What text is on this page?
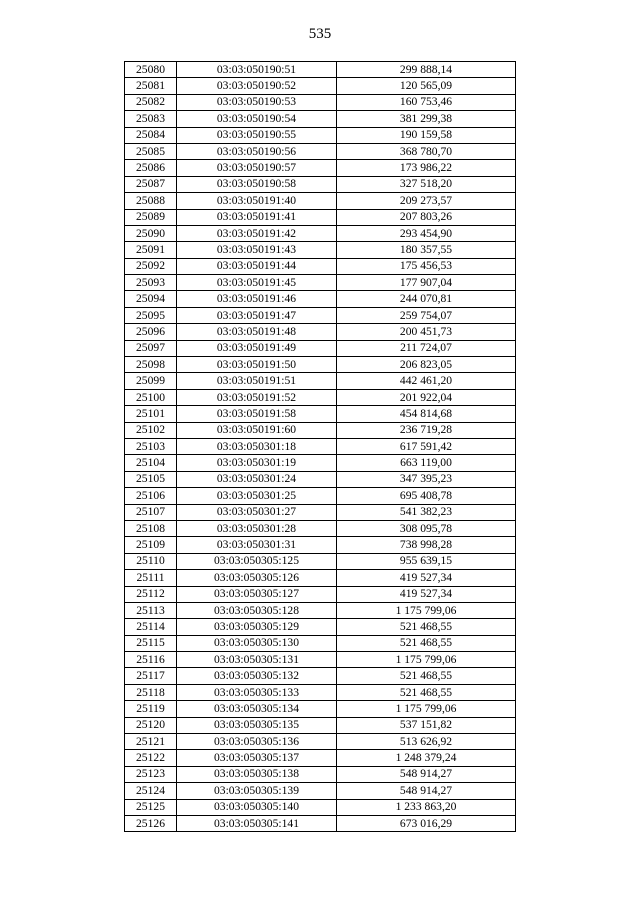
535
25080	03:03:050190:51	299 888,14
25081	03:03:050190:52	120 565,09
25082	03:03:050190:53	160 753,46
25083	03:03:050190:54	381 299,38
25084	03:03:050190:55	190 159,58
25085	03:03:050190:56	368 780,70
25086	03:03:050190:57	173 986,22
25087	03:03:050190:58	327 518,20
25088	03:03:050191:40	209 273,57
25089	03:03:050191:41	207 803,26
25090	03:03:050191:42	293 454,90
25091	03:03:050191:43	180 357,55
25092	03:03:050191:44	175 456,53
25093	03:03:050191:45	177 907,04
25094	03:03:050191:46	244 070,81
25095	03:03:050191:47	259 754,07
25096	03:03:050191:48	200 451,73
25097	03:03:050191:49	211 724,07
25098	03:03:050191:50	206 823,05
25099	03:03:050191:51	442 461,20
25100	03:03:050191:52	201 922,04
25101	03:03:050191:58	454 814,68
25102	03:03:050191:60	236 719,28
25103	03:03:050301:18	617 591,42
25104	03:03:050301:19	663 119,00
25105	03:03:050301:24	347 395,23
25106	03:03:050301:25	695 408,78
25107	03:03:050301:27	541 382,23
25108	03:03:050301:28	308 095,78
25109	03:03:050301:31	738 998,28
25110	03:03:050305:125	955 639,15
25111	03:03:050305:126	419 527,34
25112	03:03:050305:127	419 527,34
25113	03:03:050305:128	1 175 799,06
25114	03:03:050305:129	521 468,55
25115	03:03:050305:130	521 468,55
25116	03:03:050305:131	1 175 799,06
25117	03:03:050305:132	521 468,55
25118	03:03:050305:133	521 468,55
25119	03:03:050305:134	1 175 799,06
25120	03:03:050305:135	537 151,82
25121	03:03:050305:136	513 626,92
25122	03:03:050305:137	1 248 379,24
25123	03:03:050305:138	548 914,27
25124	03:03:050305:139	548 914,27
25125	03:03:050305:140	1 233 863,20
25126	03:03:050305:141	673 016,29
